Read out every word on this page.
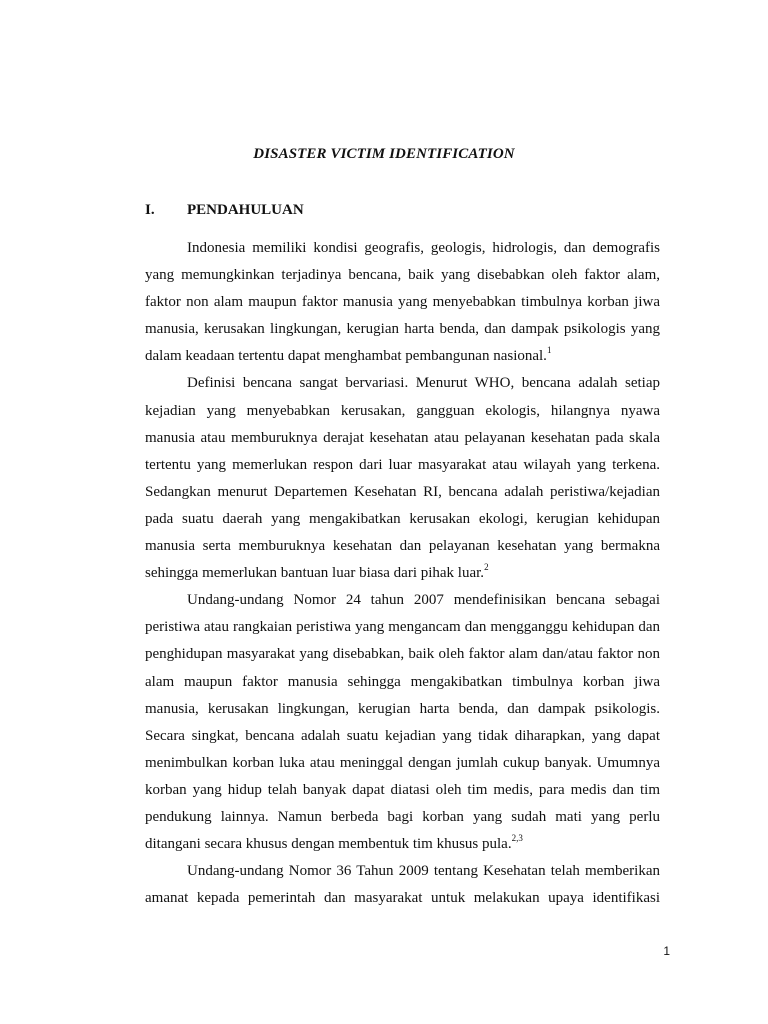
DISASTER VICTIM IDENTIFICATION
I. PENDAHULUAN

Indonesia memiliki kondisi geografis, geologis, hidrologis, dan demografis yang memungkinkan terjadinya bencana, baik yang disebabkan oleh faktor alam, faktor non alam maupun faktor manusia yang menyebabkan timbulnya korban jiwa manusia, kerusakan lingkungan, kerugian harta benda, dan dampak psikologis yang dalam keadaan tertentu dapat menghambat pembangunan nasional.$^1$

Definisi bencana sangat bervariasi. Menurut WHO, bencana adalah setiap kejadian yang menyebabkan kerusakan, gangguan ekologis, hilangnya nyawa manusia atau memburuknya derajat kesehatan atau pelayanan kesehatan pada skala tertentu yang memerlukan respon dari luar masyarakat atau wilayah yang terkena. Sedangkan menurut Departemen Kesehatan RI, bencana adalah peristiwa/kejadian pada suatu daerah yang mengakibatkan kerusakan ekologi, kerugian kehidupan manusia serta memburuknya kesehatan dan pelayanan kesehatan yang bermakna sehingga memerlukan bantuan luar biasa dari pihak luar.$^2$

Undang-undang Nomor 24 tahun 2007 mendefinisikan bencana sebagai peristiwa atau rangkaian peristiwa yang mengancam dan mengganggu kehidupan dan penghidupan masyarakat yang disebabkan, baik oleh faktor alam dan/atau faktor non alam maupun faktor manusia sehingga mengakibatkan timbulnya korban jiwa manusia, kerusakan lingkungan, kerugian harta benda, dan dampak psikologis. Secara singkat, bencana adalah suatu kejadian yang tidak diharapkan, yang dapat menimbulkan korban luka atau meninggal dengan jumlah cukup banyak. Umumnya korban yang hidup telah banyak dapat diatasi oleh tim medis, para medis dan tim pendukung lainnya. Namun berbeda bagi korban yang sudah mati yang perlu ditangani secara khusus dengan membentuk tim khusus pula.$^{2,3}$

Undang-undang Nomor 36 Tahun 2009 tentang Kesehatan telah memberikan amanat kepada pemerintah dan masyarakat untuk melakukan upaya identifikasi

1
